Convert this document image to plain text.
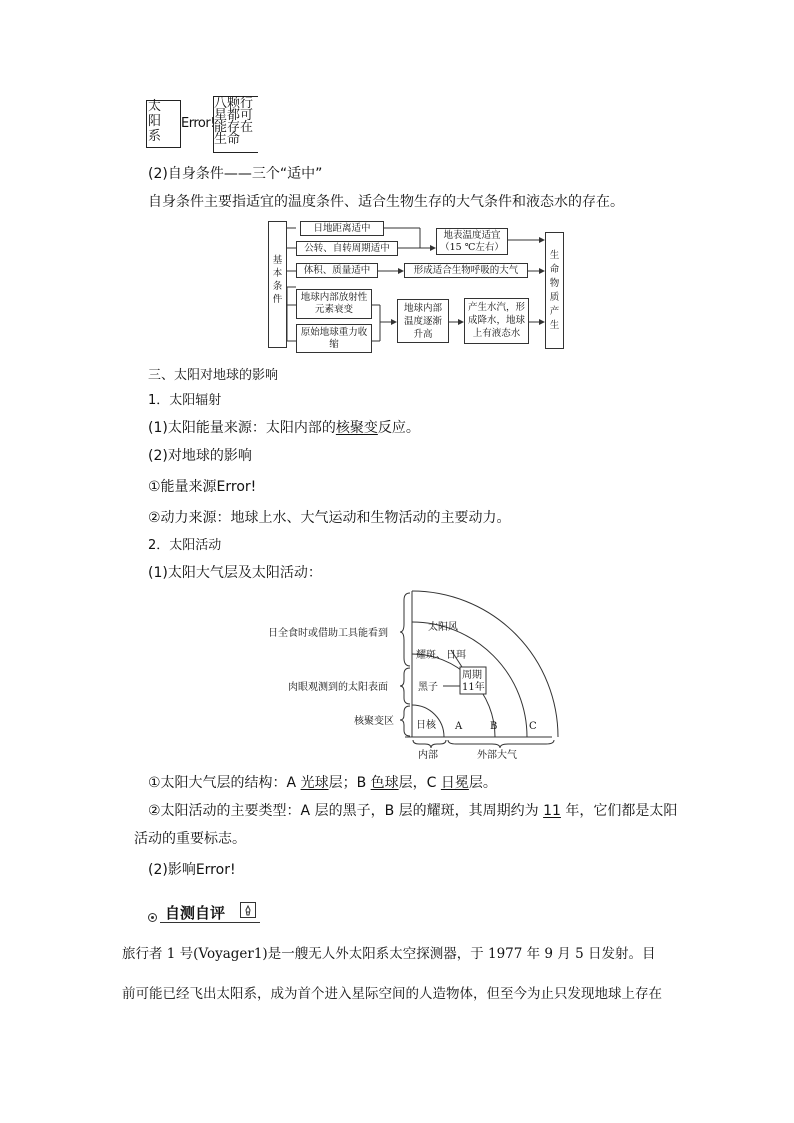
太
阳
系
Error!
八颗行
星都可
能存在
生命
(2)自身条件——三个“适中”
自身条件主要指适宜的温度条件、适合生物生存的大气条件和液态水的存在。
基
本
条
件
日地距离适中
公转、自转周期适中
体积、质量适中
地球内部放射性元素衰变
原始地球重力收缩
地表温度适宜（15 ℃左右）
形成适合生物呼吸的大气
地球内部温度逐渐升高
产生水汽，形成降水，地球上有液态水
生
命
物
质
产
生
三、太阳对地球的影响
1．太阳辐射
(1)太阳能量来源：太阳内部的核聚变反应。
(2)对地球的影响
①能量来源Error!
②动力来源：地球上水、大气运动和生物活动的主要动力。
2．太阳活动
(1)太阳大气层及太阳活动：
日全食时或借助工具能看到
肉眼观测到的太阳表面
核聚变区
太阳风
耀斑、日珥
周期
11年
黑子
日核 A	B	C
内部	外部大气
①太阳大气层的结构：A 光球层；B 色球层，C 日冕层。
②太阳活动的主要类型：A 层的黑子，B 层的耀斑，其周期约为 11 年，它们都是太阳
活动的重要标志。
(2)影响Error!
自测自评
旅行者 1 号(Voyager1)是一艘无人外太阳系太空探测器，于 1977 年 9 月 5 日发射。目
前可能已经飞出太阳系，成为首个进入星际空间的人造物体，但至今为止只发现地球上存在
